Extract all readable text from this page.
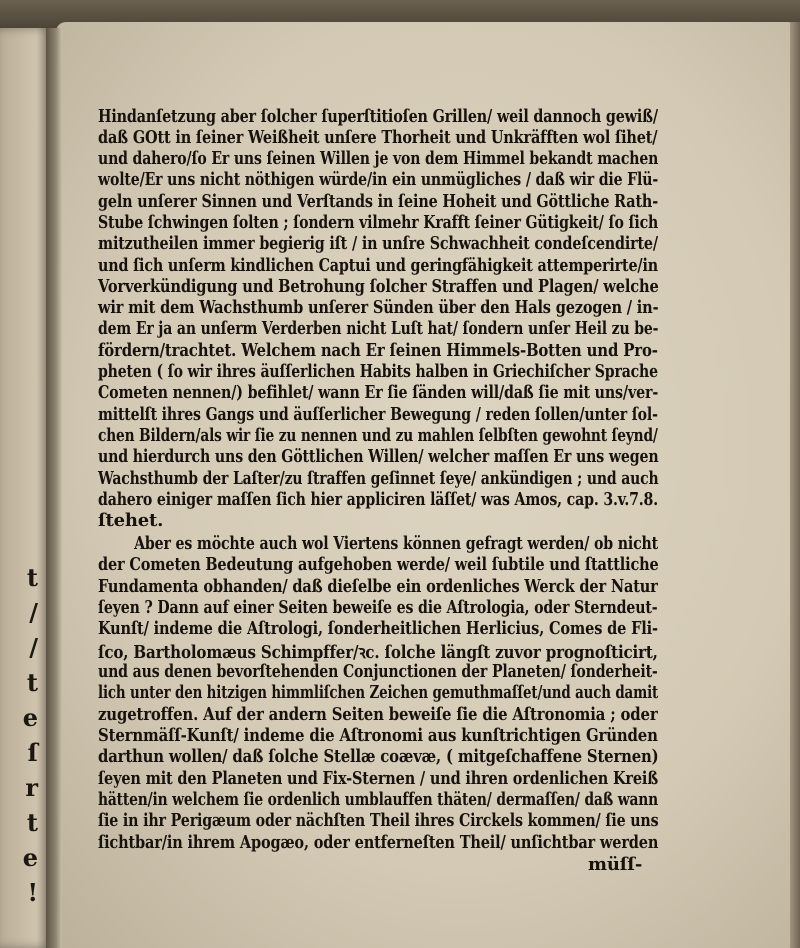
t
/
/
t
e
ſ
r
t
e
!
Hindanſetzung aber ſolcher ſuperſtitioſen Grillen/ weil dannoch gewiß/
daß GOtt in ſeiner Weißheit unſere Thorheit und Unkräfften wol ſihet/
und dahero/ſo Er uns ſeinen Willen je von dem Himmel bekandt machen
wolte/Er uns nicht nöthigen würde/in ein unmügliches / daß wir die Flü-
geln unſerer Sinnen und Verſtands in ſeine Hoheit und Göttliche Rath-
Stube ſchwingen ſolten ; ſondern vilmehr Krafft ſeiner Gütigkeit/ ſo ſich
mitzutheilen immer begierig iſt / in unſre Schwachheit condeſcendirte/
und ſich unſerm kindlichen Captui und geringfähigkeit attemperirte/in
Vorverkündigung und Betrohung ſolcher Straffen und Plagen/ welche
wir mit dem Wachsthumb unſerer Sünden über den Hals gezogen / in-
dem Er ja an unſerm Verderben nicht Luſt hat/ ſondern unſer Heil zu be-
fördern/trachtet. Welchem nach Er ſeinen Himmels-Botten und Pro-
pheten ( ſo wir ihres äuſſerlichen Habits halben in Griechiſcher Sprache
Cometen nennen/) befihlet/ wann Er ſie ſänden will/daß ſie mit uns/ver-
mittelſt ihres Gangs und äuſſerlicher Bewegung / reden ſollen/unter ſol-
chen Bildern/als wir ſie zu nennen und zu mahlen ſelbſten gewohnt ſeynd/
und hierdurch uns den Göttlichen Willen/ welcher maſſen Er uns wegen
Wachsthumb der Laſter/zu ſtraffen geſinnet ſeye/ ankündigen ; und auch
dahero einiger maſſen ſich hier appliciren läſſet/ was Amos, cap. 3.v.7.8.
ſtehet.
Aber es möchte auch wol Viertens können gefragt werden/ ob nicht
der Cometen Bedeutung aufgehoben werde/ weil ſubtile und ſtattliche
Fundamenta obhanden/ daß dieſelbe ein ordenliches Werck der Natur
ſeyen ? Dann auf einer Seiten beweiſe es die Aſtrologia, oder Sterndeut-
Kunſt/ indeme die Aſtrologi, ſonderheitlichen Herlicius, Comes de Fli-
ſco, Bartholomæus Schimpffer/ꝛc. ſolche längſt zuvor prognoſticirt,
und aus denen bevorſtehenden Conjunctionen der Planeten/ ſonderheit-
lich unter den hitzigen himmliſchen Zeichen gemuthmaſſet/und auch damit
zugetroffen. Auf der andern Seiten beweiſe ſie die Aſtronomia ; oder
Sternmäſſ-Kunſt/ indeme die Aſtronomi aus kunſtrichtigen Gründen
darthun wollen/ daß ſolche Stellæ coævæ, ( mitgeſchaffene Sternen)
ſeyen mit den Planeten und Fix-Sternen / und ihren ordenlichen Kreiß
hätten/in welchem ſie ordenlich umblauffen thäten/ dermaſſen/ daß wann
ſie in ihr Perigæum oder nächſten Theil ihres Circkels kommen/ ſie uns
ſichtbar/in ihrem Apogæo, oder entferneſten Theil/ unſichtbar werden
müſſ-
